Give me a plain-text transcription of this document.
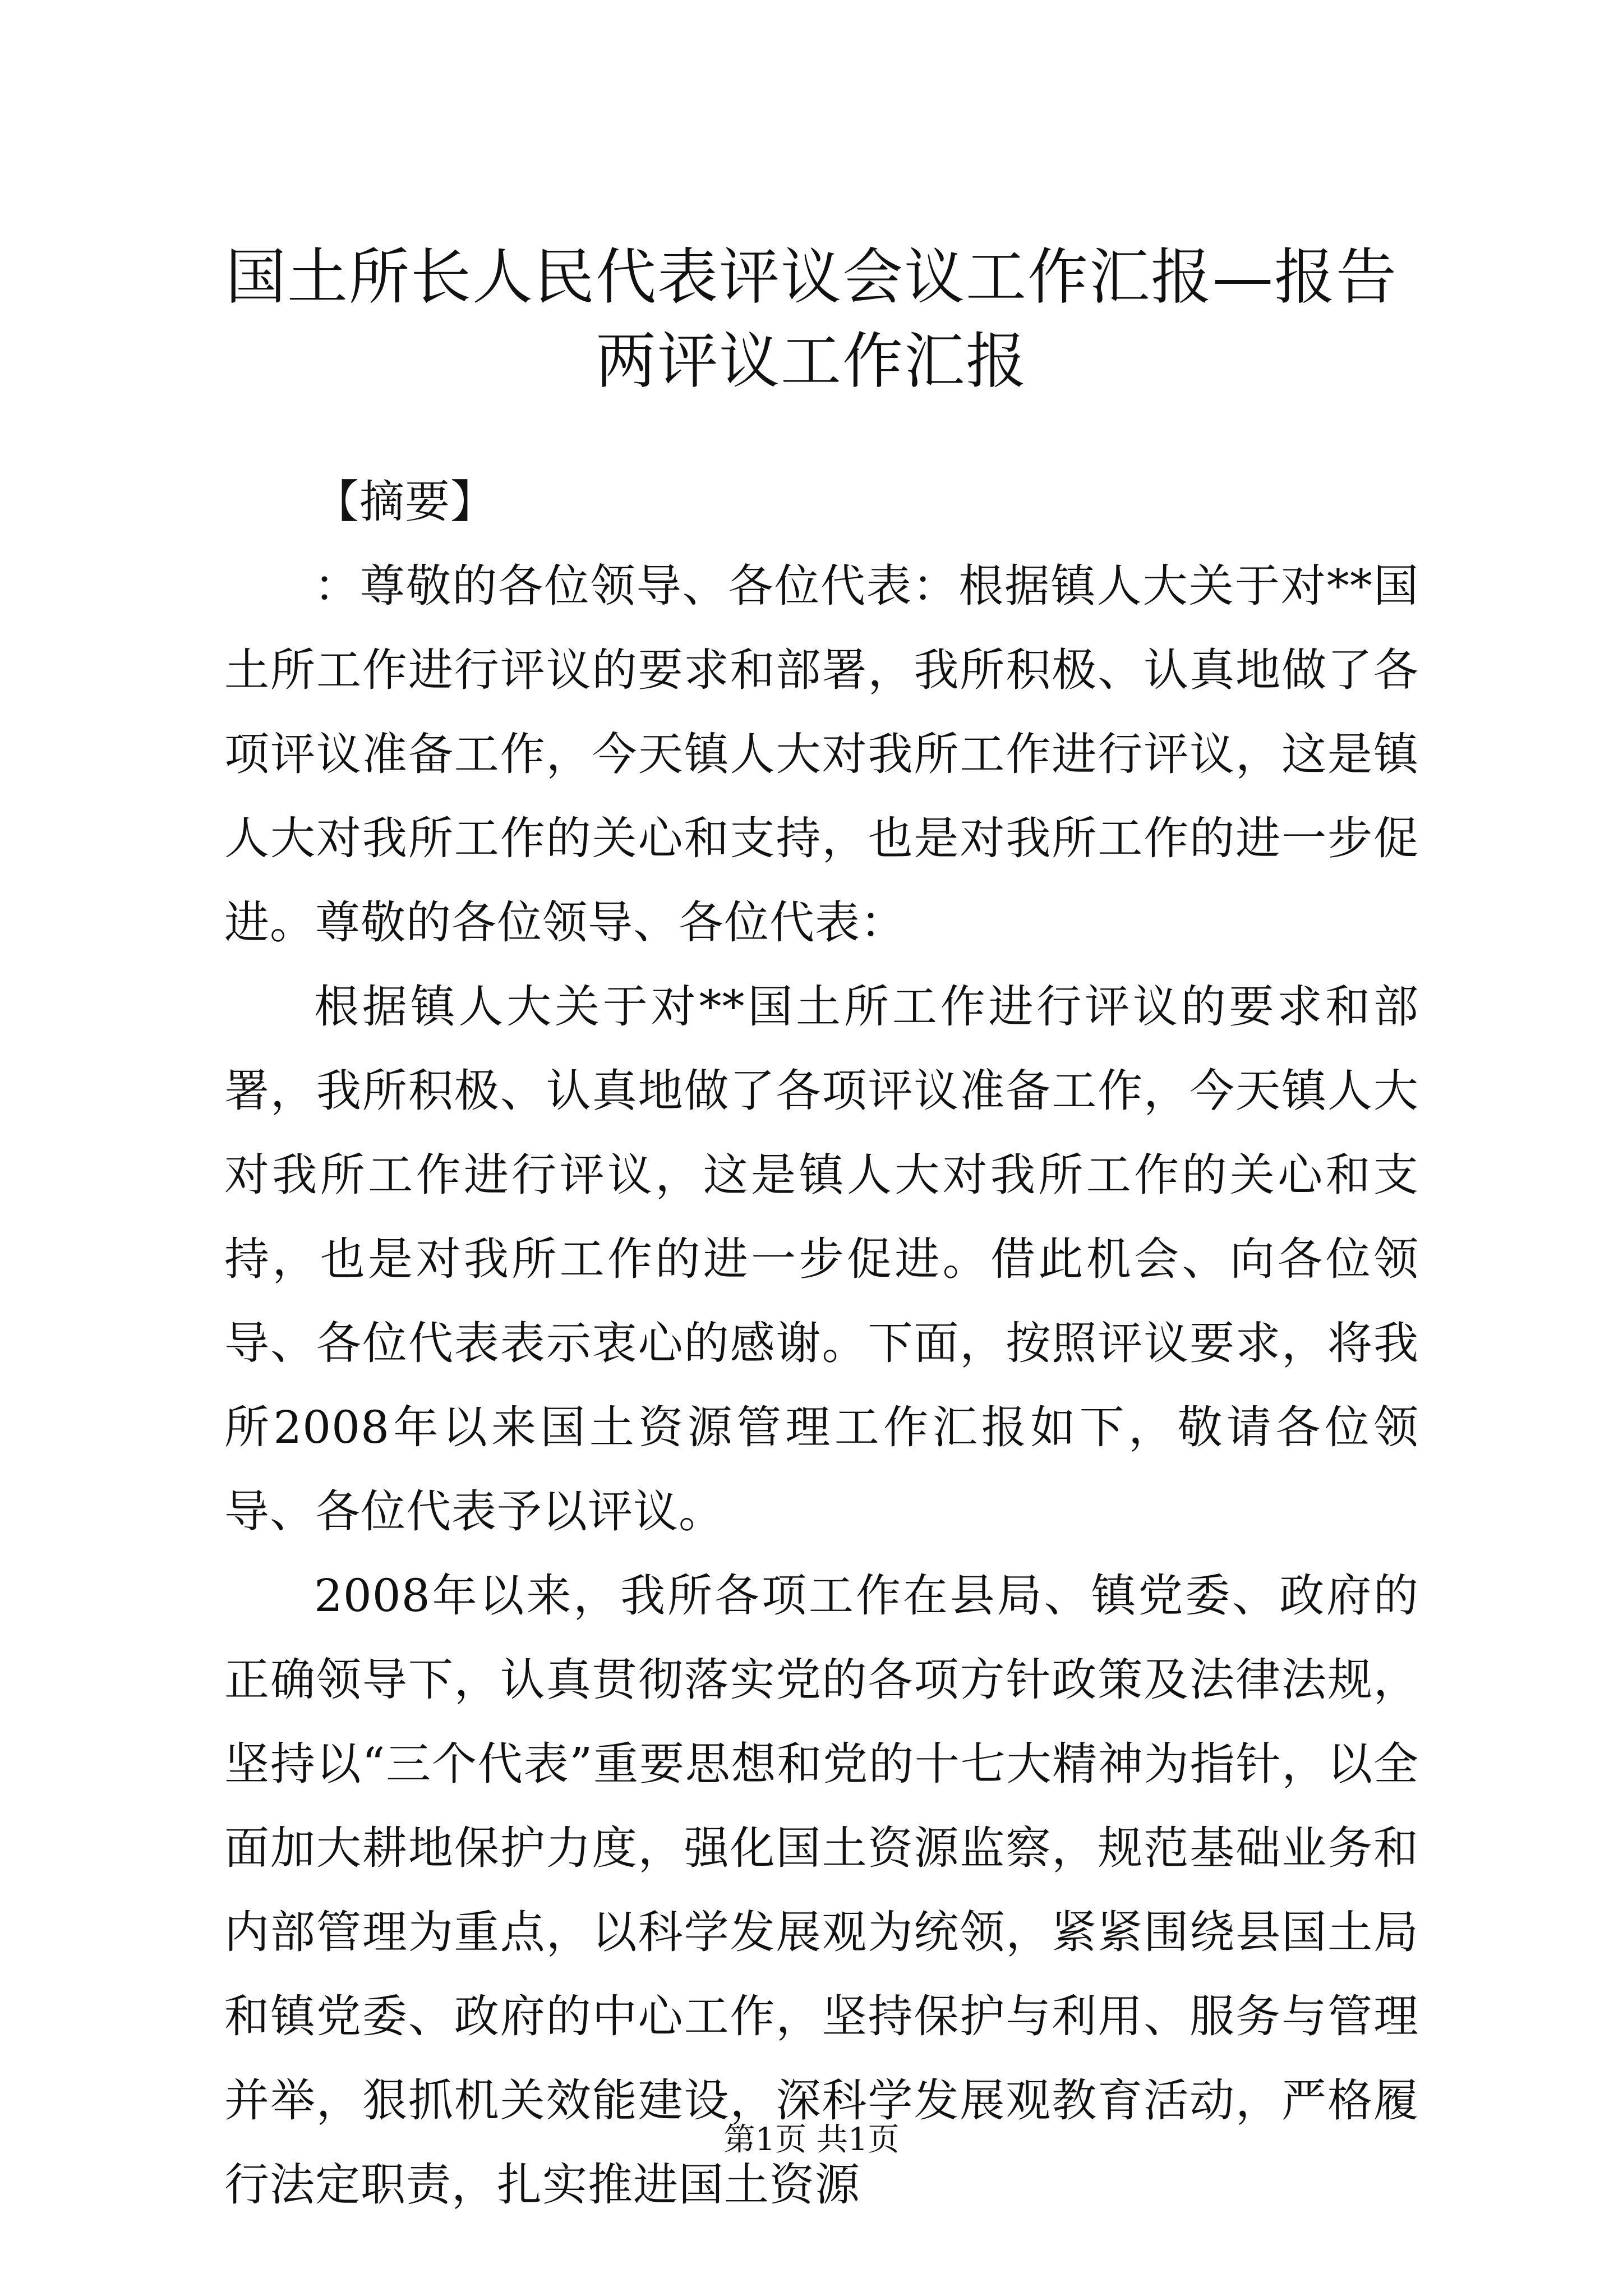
国土所长人民代表评议会议工作汇报—报告两评议工作汇报

【摘要】

：尊敬的各位领导、各位代表：根据镇人大关于对**国土所工作进行评议的要求和部署，我所积极、认真地做了各项评议准备工作，今天镇人大对我所工作进行评议，这是镇人大对我所工作的关心和支持，也是对我所工作的进一步促进。尊敬的各位领导、各位代表：

根据镇人大关于对**国土所工作进行评议的要求和部署，我所积极、认真地做了各项评议准备工作，今天镇人大对我所工作进行评议，这是镇人大对我所工作的关心和支持，也是对我所工作的进一步促进。借此机会、向各位领导、各位代表表示衷心的感谢。下面，按照评议要求，将我所2008年以来国土资源管理工作汇报如下，敬请各位领导、各位代表予以评议。

2008年以来，我所各项工作在县局、镇党委、政府的正确领导下，认真贯彻落实党的各项方针政策及法律法规，坚持以“三个代表”重要思想和党的十七大精神为指针，以全面加大耕地保护力度，强化国土资源监察，规范基础业务和内部管理为重点，以科学发展观为统领，紧紧围绕县国土局和镇党委、政府的中心工作，坚持保护与利用、服务与管理并举，狠抓机关效能建设，深科学发展观教育活动，严格履行法定职责，扎实推进国土资源

第1页 共1页
